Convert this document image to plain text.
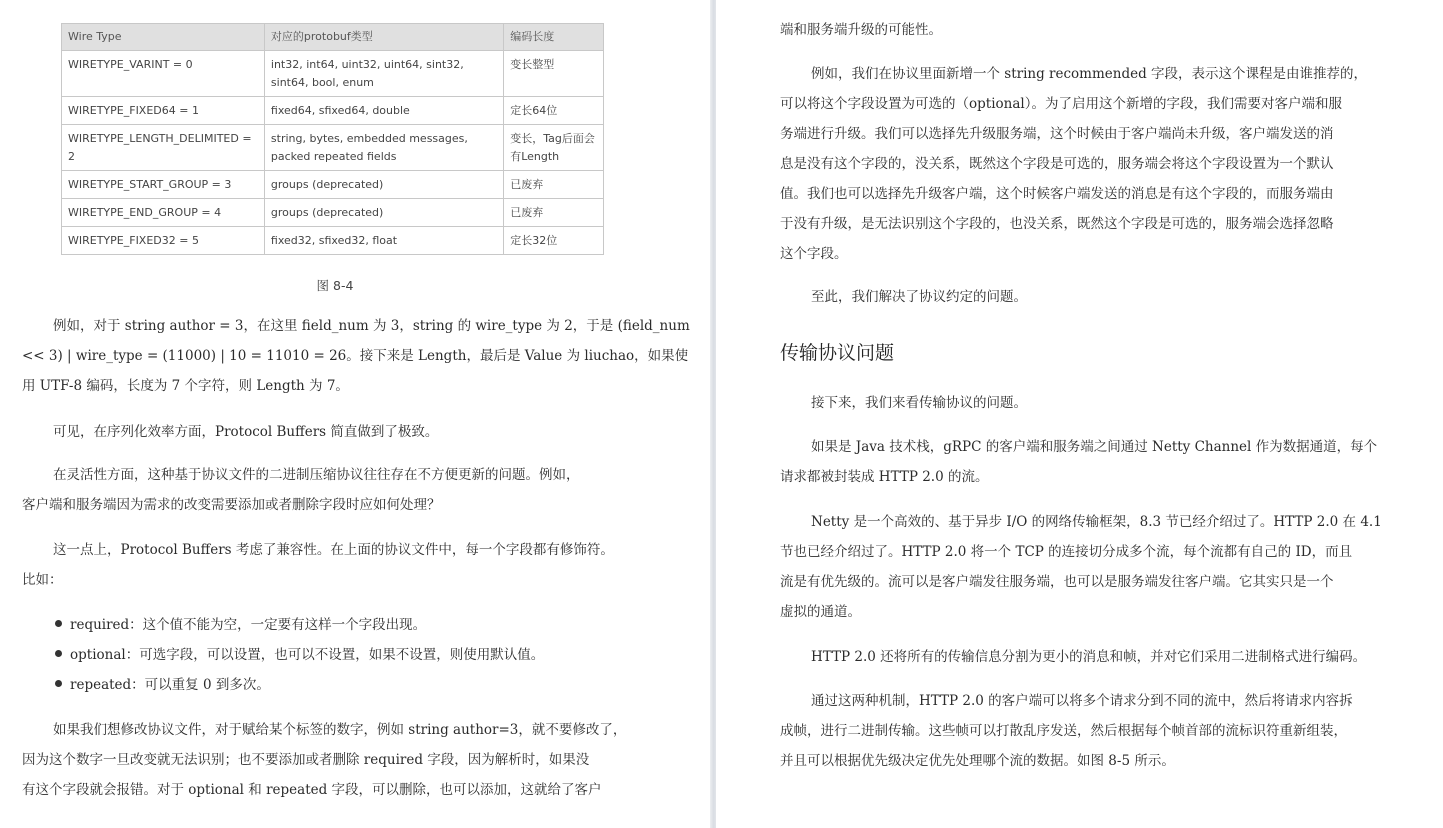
Wire Type	对应的protobuf类型	编码长度
WIRETYPE_VARINT = 0	int32, int64, uint32, uint64, sint32, sint64, bool, enum	变长整型
WIRETYPE_FIXED64 = 1	fixed64, sfixed64, double	定长64位
WIRETYPE_LENGTH_DELIMITED = 2	string, bytes, embedded messages, packed repeated fields	变长，Tag后面会有Length
WIRETYPE_START_GROUP = 3	groups (deprecated)	已废弃
WIRETYPE_END_GROUP = 4	groups (deprecated)	已废弃
WIRETYPE_FIXED32 = 5	fixed32, sfixed32, float	定长32位
图 8-4
例如，对于 string author = 3，在这里 field_num 为 3，string 的 wire_type 为 2，于是 (field_num
<< 3) | wire_type = (11000) | 10 = 11010 = 26。接下来是 Length，最后是 Value 为 liuchao，如果使
用 UTF-8 编码，长度为 7 个字符，则 Length 为 7。
可见，在序列化效率方面，Protocol Buffers 简直做到了极致。
在灵活性方面，这种基于协议文件的二进制压缩协议往往存在不方便更新的问题。例如，
客户端和服务端因为需求的改变需要添加或者删除字段时应如何处理？
这一点上，Protocol Buffers 考虑了兼容性。在上面的协议文件中，每一个字段都有修饰符。
比如：
required：这个值不能为空，一定要有这样一个字段出现。
optional：可选字段，可以设置，也可以不设置，如果不设置，则使用默认值。
repeated：可以重复 0 到多次。
如果我们想修改协议文件，对于赋给某个标签的数字，例如 string author=3，就不要修改了，
因为这个数字一旦改变就无法识别；也不要添加或者删除 required 字段，因为解析时，如果没
有这个字段就会报错。对于 optional 和 repeated 字段，可以删除，也可以添加，这就给了客户
端和服务端升级的可能性。
例如，我们在协议里面新增一个 string recommended 字段，表示这个课程是由谁推荐的，
可以将这个字段设置为可选的（optional）。为了启用这个新增的字段，我们需要对客户端和服
务端进行升级。我们可以选择先升级服务端，这个时候由于客户端尚未升级，客户端发送的消
息是没有这个字段的，没关系，既然这个字段是可选的，服务端会将这个字段设置为一个默认
值。我们也可以选择先升级客户端，这个时候客户端发送的消息是有这个字段的，而服务端由
于没有升级，是无法识别这个字段的，也没关系，既然这个字段是可选的，服务端会选择忽略
这个字段。
至此，我们解决了协议约定的问题。
传输协议问题
接下来，我们来看传输协议的问题。
如果是 Java 技术栈，gRPC 的客户端和服务端之间通过 Netty Channel 作为数据通道，每个
请求都被封装成 HTTP 2.0 的流。
Netty 是一个高效的、基于异步 I/O 的网络传输框架，8.3 节已经介绍过了。HTTP 2.0 在 4.1
节也已经介绍过了。HTTP 2.0 将一个 TCP 的连接切分成多个流，每个流都有自己的 ID，而且
流是有优先级的。流可以是客户端发往服务端，也可以是服务端发往客户端。它其实只是一个
虚拟的通道。
HTTP 2.0 还将所有的传输信息分割为更小的消息和帧，并对它们采用二进制格式进行编码。
通过这两种机制，HTTP 2.0 的客户端可以将多个请求分到不同的流中，然后将请求内容拆
成帧，进行二进制传输。这些帧可以打散乱序发送，然后根据每个帧首部的流标识符重新组装，
并且可以根据优先级决定优先处理哪个流的数据。如图 8-5 所示。
